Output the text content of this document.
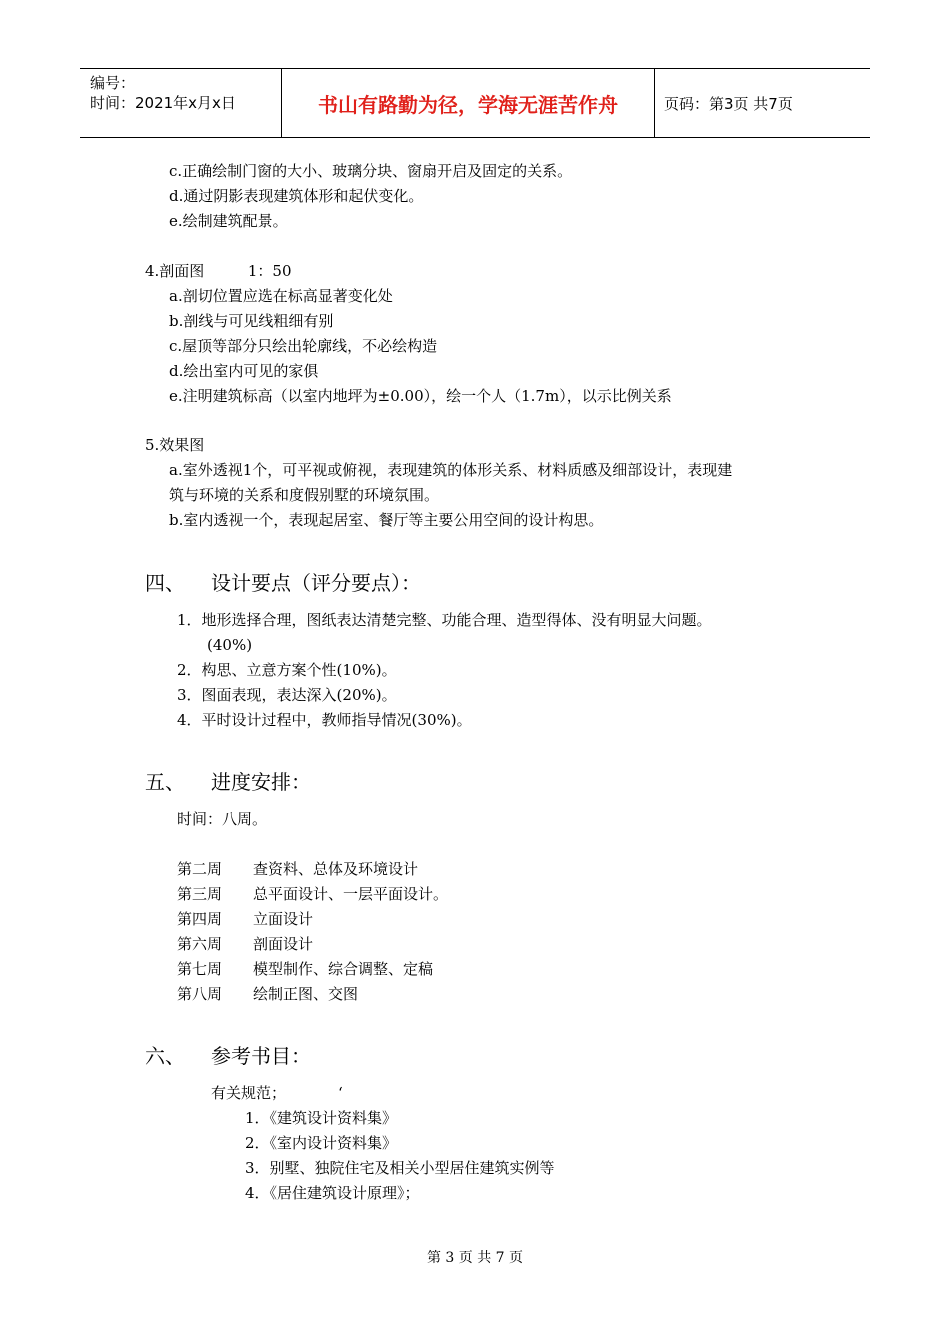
编号：
时间：2021年x月x日	书山有路勤为径，学海无涯苦作舟	页码：第3页 共7页
c.正确绘制门窗的大小、玻璃分块、窗扇开启及固定的关系。
d.通过阴影表现建筑体形和起伏变化。
e.绘制建筑配景。
4.剖面图	1：50
a.剖切位置应选在标高显著变化处
b.剖线与可见线粗细有别
c.屋顶等部分只绘出轮廓线，不必绘构造
d.绘出室内可见的家俱
e.注明建筑标高（以室内地坪为±0.00），绘一个人（1.7m），以示比例关系
5.效果图
a.室外透视1个，可平视或俯视，表现建筑的体形关系、材料质感及细部设计，表现建
筑与环境的关系和度假别墅的环境氛围。
b.室内透视一个，表现起居室、餐厅等主要公用空间的设计构思。
四、 设计要点（评分要点）：
1．地形选择合理，图纸表达清楚完整、功能合理、造型得体、没有明显大问题。
(40%)
2．构思、立意方案个性(10%)。
3．图面表现，表达深入(20%)。
4．平时设计过程中，教师指导情况(30%)。
五、 进度安排：
时间：八周。
第二周 查资料、总体及环境设计
第三周 总平面设计、一层平面设计。
第四周 立面设计
第六周 剖面设计
第七周 模型制作、综合调整、定稿
第八周 绘制正图、交图
六、 参考书目：
有关规范；	‘
1．《建筑设计资料集》
2．《室内设计资料集》
3．别墅、独院住宅及相关小型居住建筑实例等
4．《居住建筑设计原理》；
第 3 页 共 7 页
